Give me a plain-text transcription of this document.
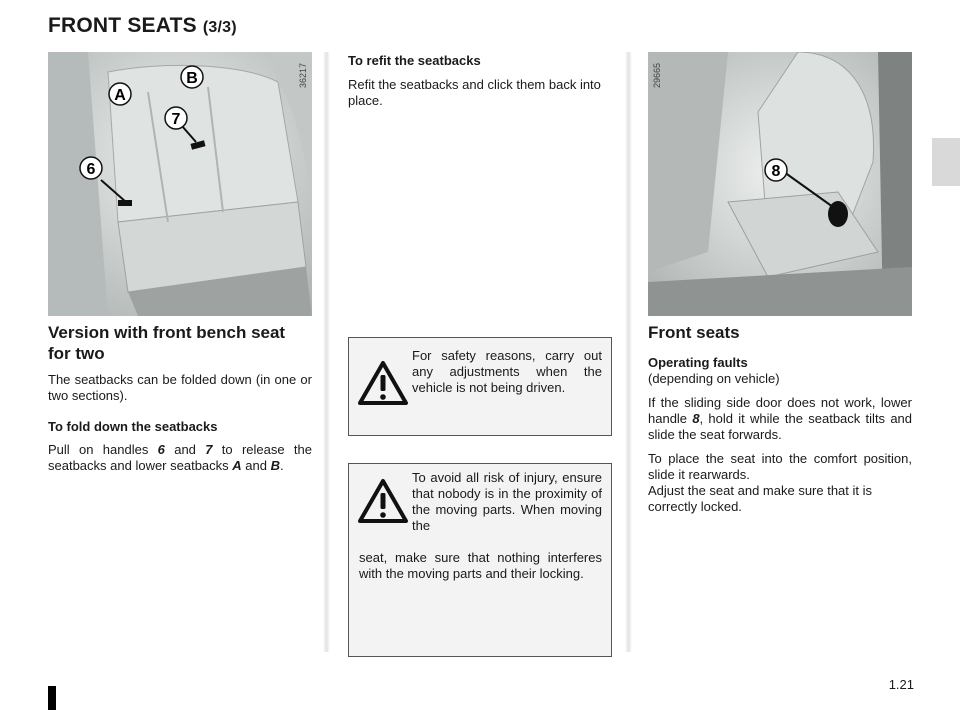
FRONT SEATS (3/3)
A
B
7
6
36217
8
29665
Version with front bench seat for two

The seatbacks can be folded down (in one or two sections).

To fold down the seatbacks

Pull on handles 6 and 7 to release the seatbacks and lower seatbacks A and B.

To refit the seatbacks

Refit the seatbacks and click them back into place.

For safety reasons, carry out any adjustments when the vehicle is not being driven.
To avoid all risk of injury, ensure that nobody is in the proximity of the moving parts. When moving the
seat, make sure that nothing interferes with the moving parts and their locking.
Front seats
Operating faults

(depending on vehicle)

If the sliding side door does not work, lower handle 8, hold it while the seatback tilts and slide the seat forwards.

To place the seat into the comfort position, slide it rearwards.

Adjust the seat and make sure that it is correctly locked.

1.21
